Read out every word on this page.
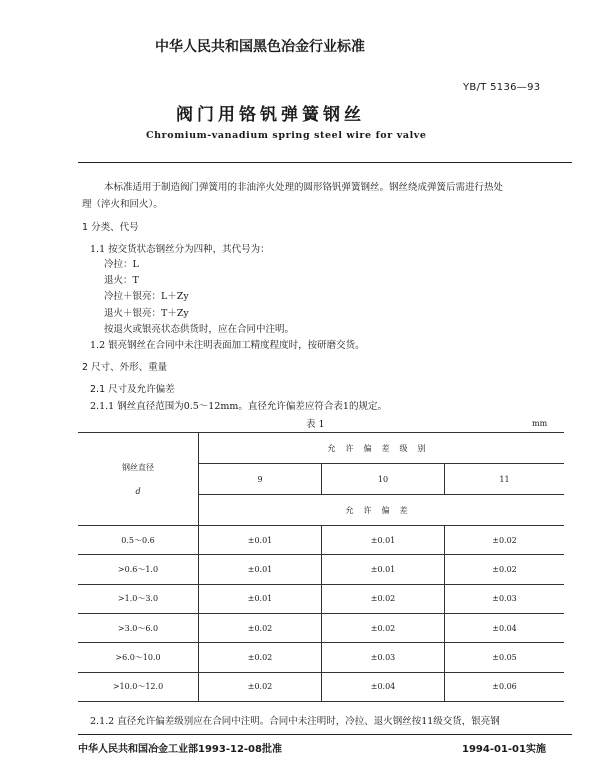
中华人民共和国黑色冶金行业标准
YB/T 5136—93
阀门用铬钒弹簧钢丝
Chromium-vanadium spring steel wire for valve
本标准适用于制造阀门弹簧用的非油淬火处理的圆形铬钒弹簧钢丝。钢丝绕成弹簧后需进行热处
理（淬火和回火）。
1 分类、代号
1.1 按交货状态钢丝分为四种，其代号为：
冷拉：L
退火：T
冷拉＋银亮：L＋Zy
退火＋银亮：T＋Zy
按退火或银亮状态供货时，应在合同中注明。
1.2 银亮钢丝在合同中未注明表面加工精度程度时，按研磨交货。
2 尺寸、外形、重量
2.1 尺寸及允许偏差
2.1.1 钢丝直径范围为0.5～12mm。直径允许偏差应符合表1的规定。
表 1	mm
钢丝直径
d	允许偏差级别		
	9	10	11
	允许偏差		
0.5～0.6	±0.01	±0.01	±0.02
>0.6～1.0	±0.01	±0.01	±0.02
>1.0～3.0	±0.01	±0.02	±0.03
>3.0～6.0	±0.02	±0.02	±0.04
>6.0～10.0	±0.02	±0.03	±0.05
>10.0～12.0	±0.02	±0.04	±0.06
2.1.2 直径允许偏差级别应在合同中注明。合同中未注明时，冷拉、退火钢丝按11级交货，银亮钢
中华人民共和国冶金工业部1993-12-08批准	1994-01-01实施
